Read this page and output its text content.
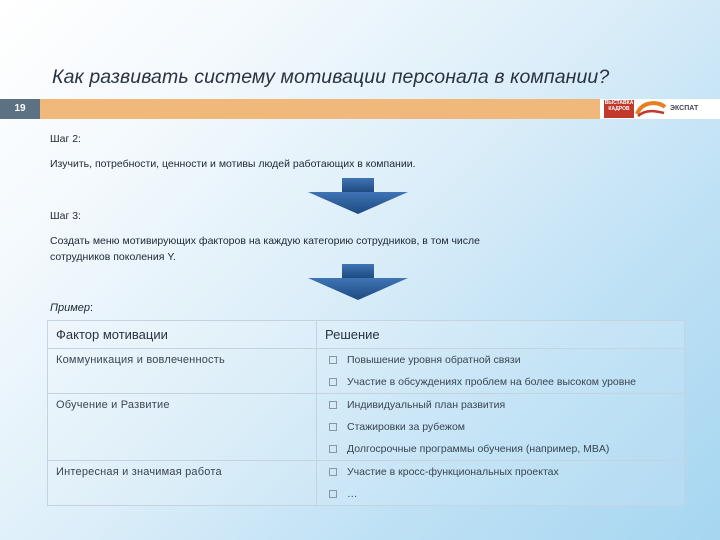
Как развивать систему мотивации персонала в компании?
19	ВЫСТАВКА КАДРОВ	ЭКСПАТ
Шаг 2:
Изучить, потребности, ценности и мотивы людей работающих в компании.
Шаг 3:
Создать меню мотивирующих факторов на каждую категорию сотрудников, в том числе
сотрудников поколения Y.
Пример:
Фактор мотивации	Решение

Коммуникация и вовлеченность	Повышение уровня обратной связи
Участие в обсуждениях проблем на более высоком уровне

Обучение и Развитие	Индивидуальный план развития
Стажировки за рубежом
Долгосрочные программы обучения (например, MBA)

Интересная и значимая работа	Участие в кросс-функциональных проектах
…
